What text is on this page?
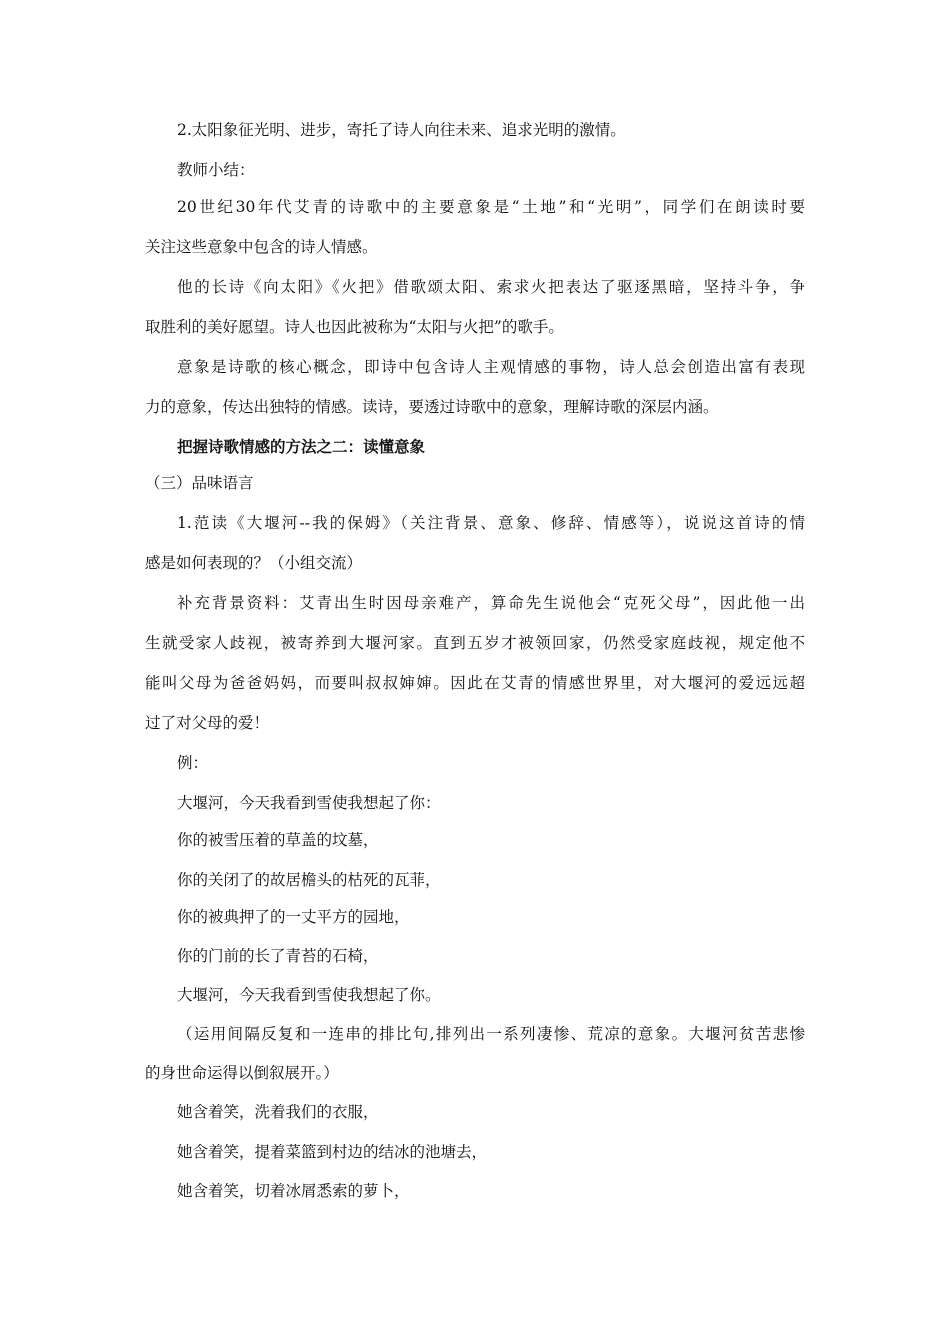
2.太阳象征光明、进步，寄托了诗人向往未来、追求光明的激情。
教师小结：
20世纪30年代艾青的诗歌中的主要意象是“土地”和“光明”，同学们在朗读时要
关注这些意象中包含的诗人情感。
他的长诗《向太阳》《火把》借歌颂太阳、索求火把表达了驱逐黑暗，坚持斗争，争
取胜利的美好愿望。诗人也因此被称为“太阳与火把”的歌手。
意象是诗歌的核心概念，即诗中包含诗人主观情感的事物，诗人总会创造出富有表现
力的意象，传达出独特的情感。读诗，要透过诗歌中的意象，理解诗歌的深层内涵。
把握诗歌情感的方法之二：读懂意象
（三）品味语言
1.范读《大堰河--我的保姆》（关注背景、意象、修辞、情感等），说说这首诗的情
感是如何表现的？（小组交流）
补充背景资料：艾青出生时因母亲难产，算命先生说他会“克死父母”，因此他一出
生就受家人歧视，被寄养到大堰河家。直到五岁才被领回家，仍然受家庭歧视，规定他不
能叫父母为爸爸妈妈，而要叫叔叔婶婶。因此在艾青的情感世界里，对大堰河的爱远远超
过了对父母的爱！
例：
大堰河，今天我看到雪使我想起了你：
你的被雪压着的草盖的坟墓，
你的关闭了的故居檐头的枯死的瓦菲，
你的被典押了的一丈平方的园地，
你的门前的长了青苔的石椅，
大堰河，今天我看到雪使我想起了你。
（运用间隔反复和一连串的排比句,排列出一系列凄惨、荒凉的意象。大堰河贫苦悲惨
的身世命运得以倒叙展开。）
她含着笑，洗着我们的衣服，
她含着笑，提着菜篮到村边的结冰的池塘去，
她含着笑，切着冰屑悉索的萝卜，
